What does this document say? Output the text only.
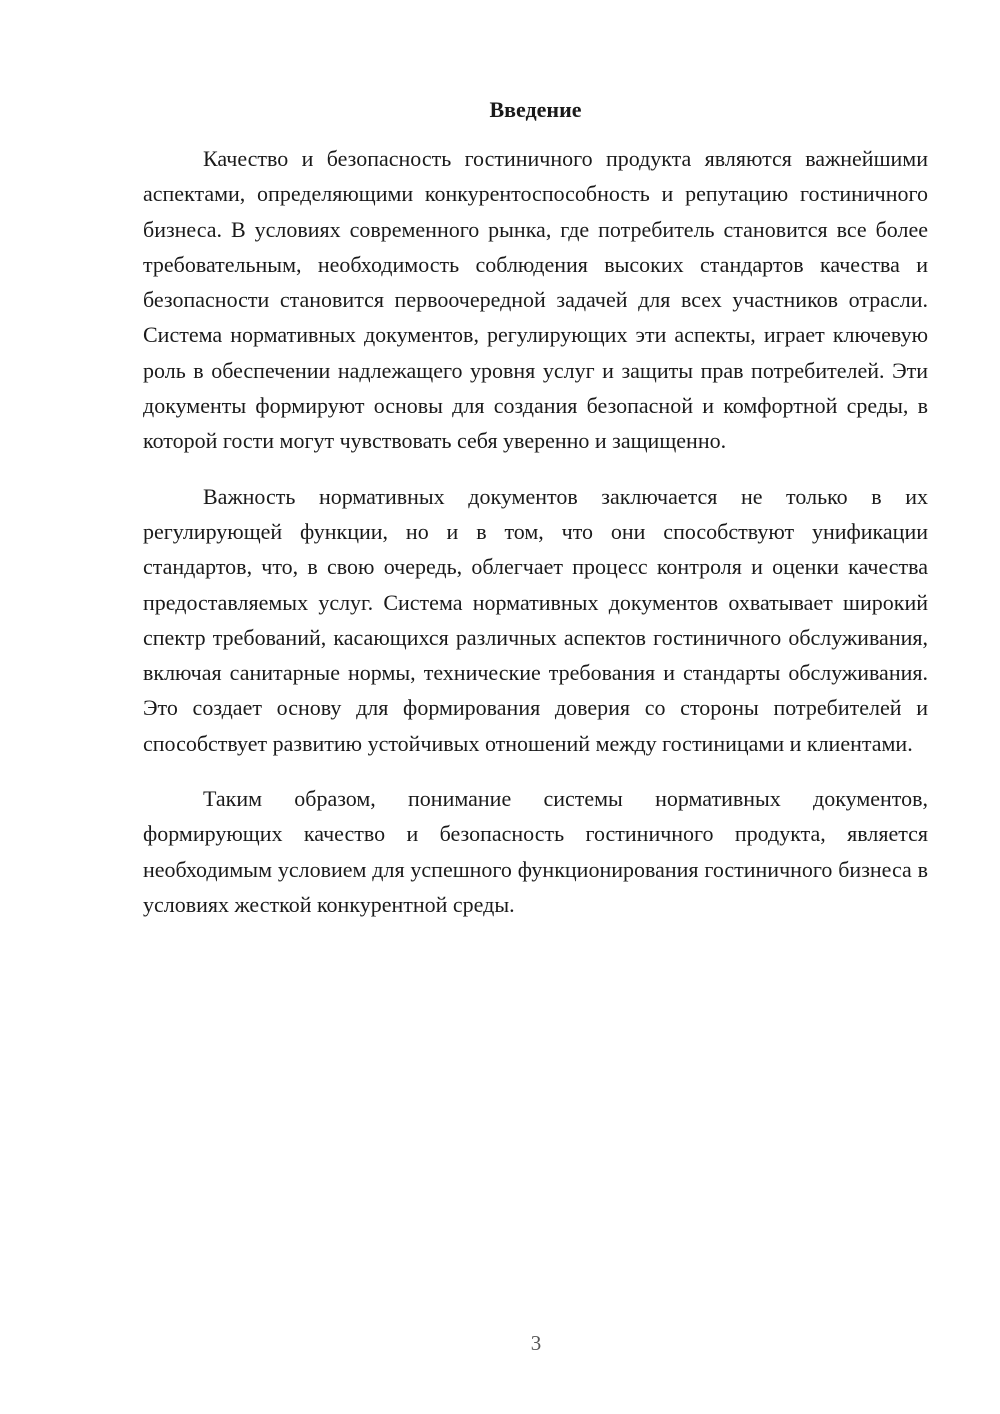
Введение

Качество и безопасность гостиничного продукта являются важнейшими аспектами, определяющими конкурентоспособность и репутацию гостиничного бизнеса. В условиях современного рынка, где потребитель становится все более требовательным, необходимость соблюдения высоких стандартов качества и безопасности становится первоочередной задачей для всех участников отрасли. Система нормативных документов, регулирующих эти аспекты, играет ключевую роль в обеспечении надлежащего уровня услуг и защиты прав потребителей. Эти документы формируют основы для создания безопасной и комфортной среды, в которой гости могут чувствовать себя уверенно и защищенно.

Важность нормативных документов заключается не только в их регулирующей функции, но и в том, что они способствуют унификации стандартов, что, в свою очередь, облегчает процесс контроля и оценки качества предоставляемых услуг. Система нормативных документов охватывает широкий спектр требований, касающихся различных аспектов гостиничного обслуживания, включая санитарные нормы, технические требования и стандарты обслуживания. Это создает основу для формирования доверия со стороны потребителей и способствует развитию устойчивых отношений между гостиницами и клиентами.

Таким образом, понимание системы нормативных документов, формирующих качество и безопасность гостиничного продукта, является необходимым условием для успешного функционирования гостиничного бизнеса в условиях жесткой конкурентной среды.

3
